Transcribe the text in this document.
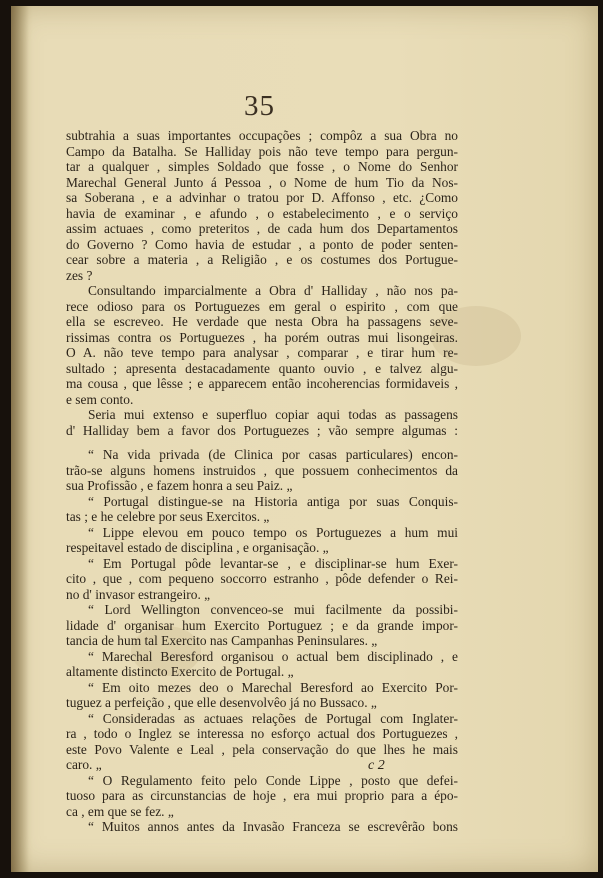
35
subtrahia a suas importantes occupações ; compôz a sua Obra no
Campo da Batalha. Se Halliday pois não teve tempo para pergun-
tar a qualquer , simples Soldado que fosse , o Nome do Senhor
Marechal General Junto á Pessoa , o Nome de hum Tio da Nos-
sa Soberana , e a advinhar o tratou por D. Affonso , etc. ¿Como
havia de examinar , e afundo , o estabelecimento , e o serviço
assim actuaes , como preteritos , de cada hum dos Departamentos
do Governo ? Como havia de estudar , a ponto de poder senten-
cear sobre a materia , a Religião , e os costumes dos Portugue-
zes ?
Consultando imparcialmente a Obra d' Halliday , não nos pa-
rece odioso para os Portuguezes em geral o espirito , com que
ella se escreveo. He verdade que nesta Obra ha passagens seve-
rissimas contra os Portuguezes , ha porém outras mui lisongeiras.
O A. não teve tempo para analysar , comparar , e tirar hum re-
sultado ; apresenta destacadamente quanto ouvio , e talvez algu-
ma cousa , que lêsse ; e apparecem então incoherencias formidaveis ,
e sem conto.
Seria mui extenso e superfluo copiar aqui todas as passagens
d' Halliday bem a favor dos Portuguezes ; vão sempre algumas :
“ Na vida privada (de Clinica por casas particulares) encon-
trão-se alguns homens instruidos , que possuem conhecimentos da
sua Profissão , e fazem honra a seu Paiz. „
“ Portugal distingue-se na Historia antiga por suas Conquis-
tas ; e he celebre por seus Exercitos. „
“ Lippe elevou em pouco tempo os Portuguezes a hum mui
respeitavel estado de disciplina , e organisação. „
“ Em Portugal pôde levantar-se , e disciplinar-se hum Exer-
cito , que , com pequeno soccorro estranho , pôde defender o Rei-
no d' invasor estrangeiro. „
“ Lord Wellington convenceo-se mui facilmente da possibi-
lidade d' organisar hum Exercito Portuguez ; e da grande impor-
tancia de hum tal Exercito nas Campanhas Peninsulares. „
“ Marechal Beresford organisou o actual bem disciplinado , e
altamente distincto Exercito de Portugal. „
“ Em oito mezes deo o Marechal Beresford ao Exercito Por-
tuguez a perfeição , que elle desenvolvêo já no Bussaco. „
“ Consideradas as actuaes relações de Portugal com Inglater-
ra , todo o Inglez se interessa no esforço actual dos Portuguezes ,
este Povo Valente e Leal , pela conservação do que lhes he mais
caro. „
“ O Regulamento feito pelo Conde Lippe , posto que defei-
tuoso para as circunstancias de hoje , era mui proprio para a épo-
ca , em que se fez. „
“ Muitos annos antes da Invasão Franceza se escrevêrão bons
c 2
